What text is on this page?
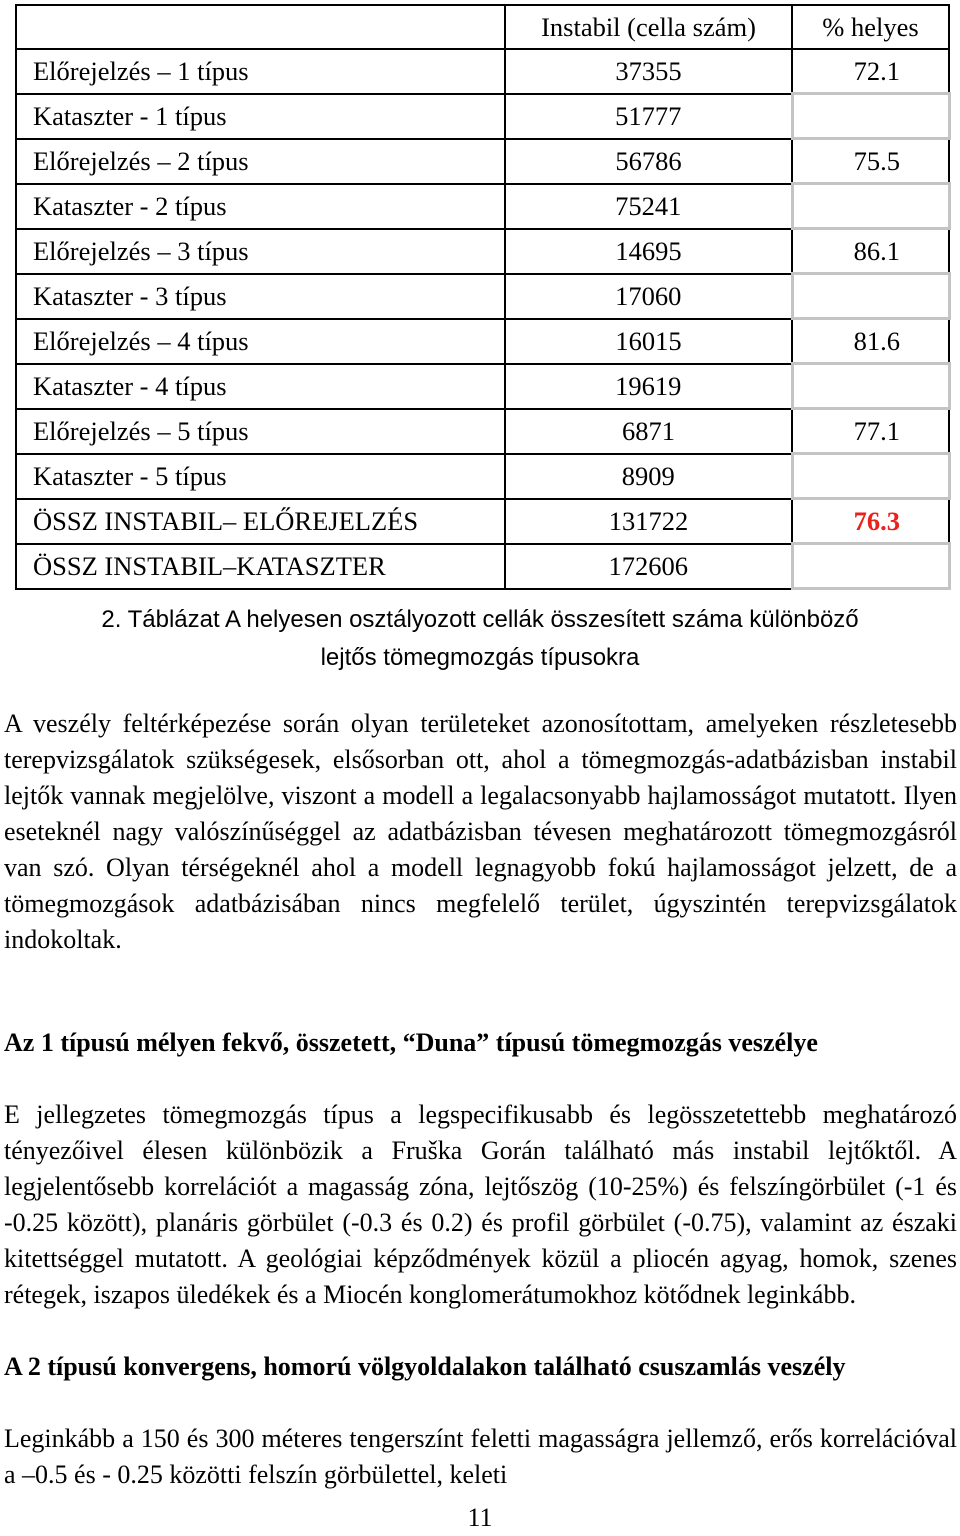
	Instabil (cella szám)	% helyes
Előrejelzés – 1 típus	37355	72.1
Kataszter - 1 típus	51777	
Előrejelzés – 2 típus	56786	75.5
Kataszter - 2 típus	75241	
Előrejelzés – 3 típus	14695	86.1
Kataszter - 3 típus	17060	
Előrejelzés – 4 típus	16015	81.6
Kataszter - 4 típus	19619	
Előrejelzés – 5 típus	6871	77.1
Kataszter - 5 típus	8909	
ÖSSZ INSTABIL– ELŐREJELZÉS	131722	76.3
ÖSSZ INSTABIL–KATASZTER	172606	
2. Táblázat A helyesen osztályozott cellák összesített száma különböző
lejtős tömegmozgás típusokra

A veszély feltérképezése során olyan területeket azonosítottam, amelyeken részletesebb terepvizsgálatok szükségesek, elsősorban ott, ahol a tömegmozgás-adatbázisban instabil lejtők vannak megjelölve, viszont a modell a legalacsonyabb hajlamosságot mutatott. Ilyen eseteknél nagy valószínűséggel az adatbázisban tévesen meghatározott tömegmozgásról van szó. Olyan térségeknél ahol a modell legnagyobb fokú hajlamosságot jelzett, de a tömegmozgások adatbázisában nincs megfelelő terület, úgyszintén terepvizsgálatok indokoltak.

Az 1 típusú mélyen fekvő, összetett, “Duna” típusú tömegmozgás veszélye

E jellegzetes tömegmozgás típus a legspecifikusabb és legösszetettebb meghatározó tényezőivel élesen különbözik a Fruška Gorán található más instabil lejtőktől. A legjelentősebb korrelációt a magasság zóna, lejtőszög (10-25%) és felszíngörbület (-1 és -0.25 között), planáris görbület (-0.3 és 0.2) és profil görbület (-0.75), valamint az északi kitettséggel mutatott. A geológiai képződmények közül a pliocén agyag, homok, szenes rétegek, iszapos üledékek és a Miocén konglomerátumokhoz kötődnek leginkább.

A 2 típusú konvergens, homorú völgyoldalakon található csuszamlás veszély

Leginkább a 150 és 300 méteres tengerszínt feletti magasságra jellemző, erős korrelációval a –0.5 és - 0.25 közötti felszín görbülettel, keleti

11
